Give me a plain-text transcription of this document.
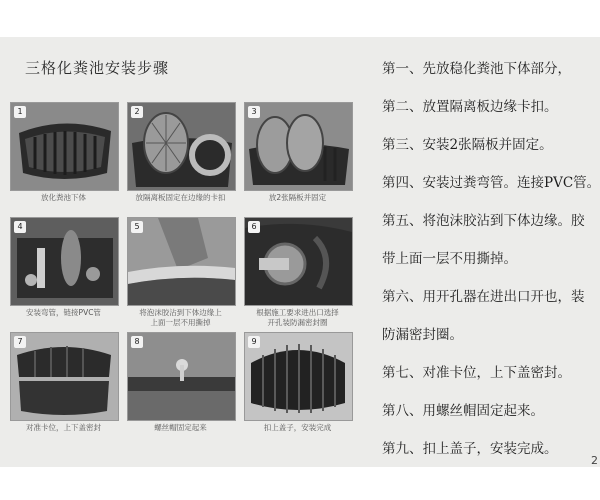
三格化粪池安装步骤
1
放化粪池下体
2
放隔离板固定在边缘的卡扣
3
放2张隔板并固定
4
安装弯管，链接PVC管
5
将泡沫胶沾到下体边缘上
上面一层不用撕掉
6
根据施工要求进出口选择
开孔装防漏密封圈
7
对准卡位，上下盖密封
8
螺丝帽固定起来
9
扣上盖子，安装完成
第一、先放稳化粪池下体部分，
第二、放置隔离板边缘卡扣。
第三、安装2张隔板并固定。
第四、安装过粪弯管。连接PVC管。
第五、将泡沫胶沾到下体边缘。胶
带上面一层不用撕掉。
第六、用开孔器在进出口开也，装
防漏密封圈。
第七、对准卡位，上下盖密封。
第八、用螺丝帽固定起来。
第九、扣上盖子，安装完成。
2
